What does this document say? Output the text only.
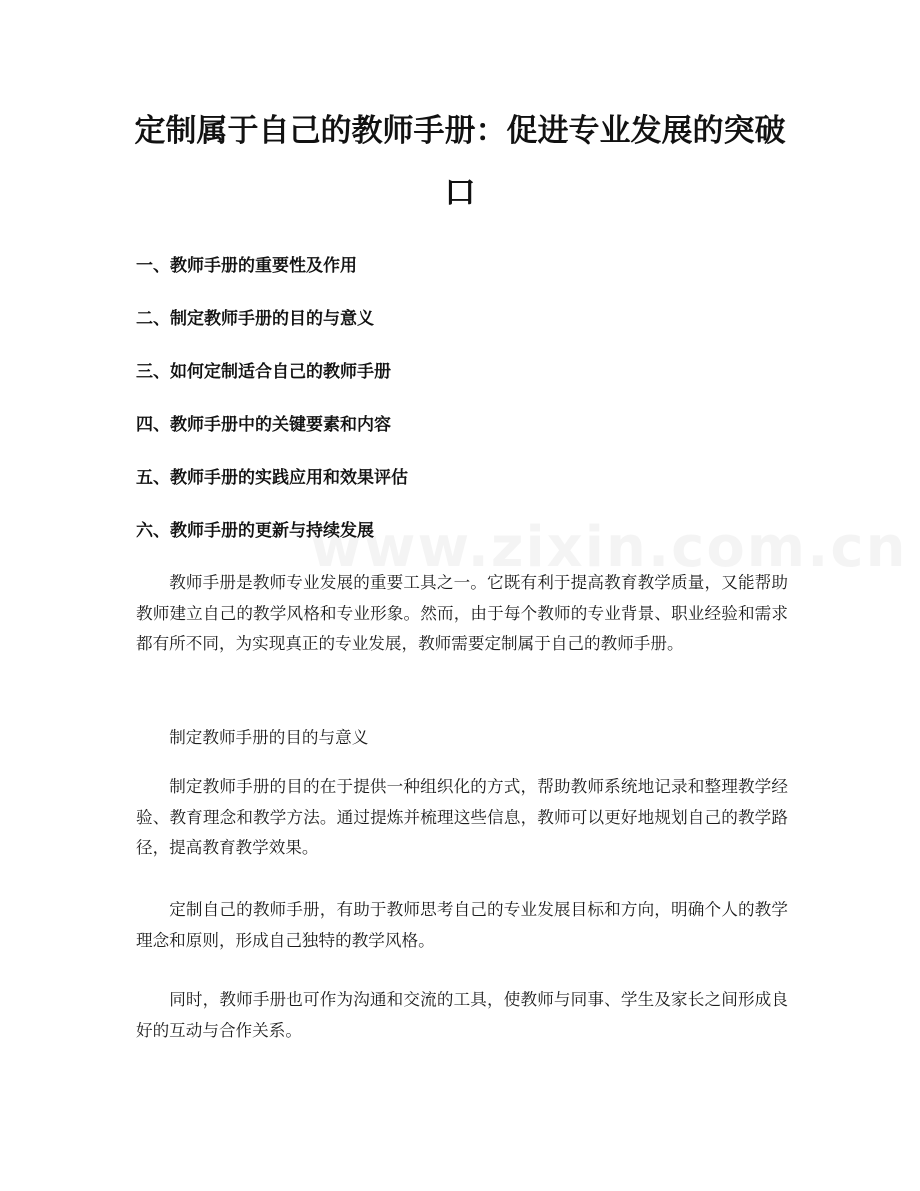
定制属于自己的教师手册：促进专业发展的突破口
一、教师手册的重要性及作用
二、制定教师手册的目的与意义
三、如何定制适合自己的教师手册
四、教师手册中的关键要素和内容
五、教师手册的实践应用和效果评估
六、教师手册的更新与持续发展

教师手册是教师专业发展的重要工具之一。它既有利于提高教育教学质量，又能帮助教师建立自己的教学风格和专业形象。然而，由于每个教师的专业背景、职业经验和需求都有所不同，为实现真正的专业发展，教师需要定制属于自己的教师手册。

制定教师手册的目的与意义

制定教师手册的目的在于提供一种组织化的方式，帮助教师系统地记录和整理教学经验、教育理念和教学方法。通过提炼并梳理这些信息，教师可以更好地规划自己的教学路径，提高教育教学效果。

定制自己的教师手册，有助于教师思考自己的专业发展目标和方向，明确个人的教学理念和原则，形成自己独特的教学风格。

同时，教师手册也可作为沟通和交流的工具，使教师与同事、学生及家长之间形成良好的互动与合作关系。
